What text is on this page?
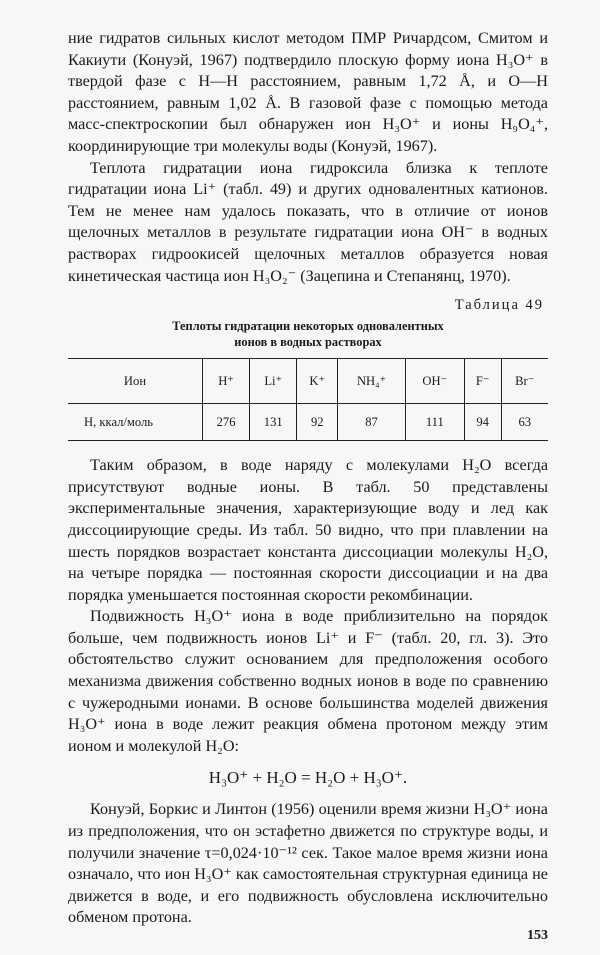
ние гидратов сильных кислот методом ПМР Ричардсом, Смитом и Какиути (Конуэй, 1967) подтвердило плоскую форму иона H₃O⁺ в твердой фазе с H—H расстоянием, равным 1,72 Å, и O—H расстоянием, равным 1,02 Å. В газовой фазе с помощью метода масс-спектроскопии был обнаружен ион H₃O⁺ и ионы H₉O₄⁺, координирующие три молекулы воды (Конуэй, 1967).

Теплота гидратации иона гидроксила близка к теплоте гидратации иона Li⁺ (табл. 49) и других одновалентных катионов. Тем не менее нам удалось показать, что в отличие от ионов щелочных металлов в результате гидратации иона OH⁻ в водных растворах гидроокисей щелочных металлов образуется новая кинетическая частица ион H₃O₂⁻ (Зацепина и Степанянц, 1970).

Таблица 49
Теплоты гидратации некоторых одновалентных
ионов в водных растворах
Ион	H⁺	Li⁺	K⁺	NH₄⁺	OH⁻	F⁻	Br⁻
H, ккал/моль	276	131	92	87	111	94	63

Таким образом, в воде наряду с молекулами H₂O всегда присутствуют водные ионы. В табл. 50 представлены экспериментальные значения, характеризующие воду и лед как диссоциирующие среды. Из табл. 50 видно, что при плавлении на шесть порядков возрастает константа диссоциации молекулы H₂O, на четыре порядка — постоянная скорости диссоциации и на два порядка уменьшается постоянная скорости рекомбинации.

Подвижность H₃O⁺ иона в воде приблизительно на порядок больше, чем подвижность ионов Li⁺ и F⁻ (табл. 20, гл. 3). Это обстоятельство служит основанием для предположения особого механизма движения собственно водных ионов в воде по сравнению с чужеродными ионами. В основе большинства моделей движения H₃O⁺ иона в воде лежит реакция обмена протоном между этим ионом и молекулой H₂O:

H₃O⁺ + H₂O = H₂O + H₃O⁺.

Конуэй, Боркис и Линтон (1956) оценили время жизни H₃O⁺ иона из предположения, что он эстафетно движется по структуре воды, и получили значение τ=0,024·10⁻¹² сек. Такое малое время жизни иона означало, что ион H₃O⁺ как самостоятельная структурная единица не движется в воде, и его подвижность обусловлена исключительно обменом протона.

153
